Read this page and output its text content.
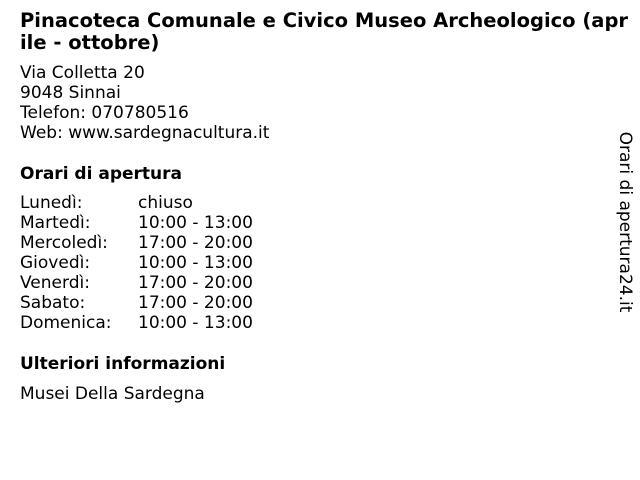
Pinacoteca Comunale e Civico Museo Archeologico (aprile - ottobre)
Via Colletta 20
9048 Sinnai
Telefon: 070780516
Web: www.sardegnacultura.it
Orari di apertura
Lunedì:	chiuso
Martedì:	10:00 - 13:00
Mercoledì:	17:00 - 20:00
Giovedì:	10:00 - 13:00
Venerdì:	17:00 - 20:00
Sabato:	17:00 - 20:00
Domenica:	10:00 - 13:00
Ulteriori informazioni
Musei Della Sardegna
Orari di apertura24.it
